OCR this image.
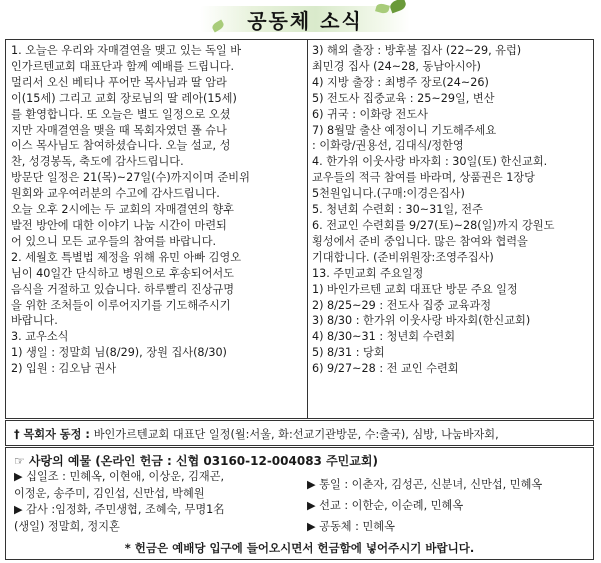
공동체 소식
1. 오늘은 우리와 자매결연을 맺고 있는 독일 바
인가르텐교회 대표단과 함께 예배를 드립니다.
멀리서 오신 베티나 푸어만 목사님과 딸 암라
이(15세) 그리고 교회 장로님의 딸 레아(15세)
를 환영합니다. 또 오늘은 별도 일정으로 오셨
지만 자매결연을 맺을 때 목회자였던 폴 슈나
이스 목사님도 참여하셨습니다. 오늘 설교, 성
찬, 성경봉독, 축도에 감사드립니다.
방문단 일정은 21(목)~27일(수)까지이며 준비위
원회와 교우여러분의 수고에 감사드립니다.
오늘 오후 2시에는 두 교회의 자매결연의 향후
발전 방안에 대한 이야기 나눔 시간이 마련되
어 있으니 모든 교우들의 참여를 바랍니다.
2. 세월호 특별법 제정을 위해 유민 아빠 김영오
님이 40일간 단식하고 병원으로 후송되어서도
음식을 거절하고 있습니다. 하루빨리 진상규명
을 위한 조처들이 이루어지기를 기도해주시기
바랍니다.
3. 교우소식
1) 생일 : 정말희 님(8/29), 장원 집사(8/30)
2) 입원 : 김오남 권사
3) 해외 출장 : 방후불 집사 (22~29, 유럽)
최민경 집사 (24~28, 동남아시아)
4) 지방 출장 : 최병주 장로(24~26)
5) 전도사 집중교육 : 25~29일, 변산
6) 귀국 : 이화랑 전도사
7) 8월말 출산 예정이니 기도해주세요
: 이화랑/권용선, 김대식/정한영
4. 한가위 이웃사랑 바자회 : 30일(토) 한신교회.
교우들의 적극 참여를 바라며, 상품권은 1장당
5천원입니다.(구매:이경은집사)
5. 청년회 수련회 : 30~31일, 전주
6. 전교인 수련회를 9/27(토)~28(일)까지 강원도
횡성에서 준비 중입니다. 많은 참여와 협력을
기대합니다. (준비위원장:조영주집사)
13. 주민교회 주요일정
1) 바인가르텐 교회 대표단 방문 주요 일정
2) 8/25~29 : 전도사 집중 교육과정
3) 8/30 : 한가위 이웃사랑 바자회(한신교회)
4) 8/30~31 : 청년회 수련회
5) 8/31 : 당회
6) 9/27~28 : 전 교인 수련회
† 목회자 동정 : 바인가르텐교회 대표단 일정(월:서울, 화:선교기관방문, 수:출국), 심방, 나눔바자회,
☞ 사랑의 예물 (온라인 헌금 : 신협 03160-12-004083 주민교회)
▶ 십일조 : 민혜옥, 이현애, 이상운, 김재곤,
이정운, 송주미, 김인섭, 신만섭, 박혜원
▶ 감사 :임정화, 주민생협, 조혜숙, 무명1名
(생일) 정말희, 정지혼
▶ 통일 : 이춘자, 김성곤, 신분녀, 신만섭, 민혜옥
▶ 선교 : 이한순, 이순례, 민혜옥
▶ 공동체 : 민혜옥
* 헌금은 예배당 입구에 들어오시면서 헌금함에 넣어주시기 바랍니다.
